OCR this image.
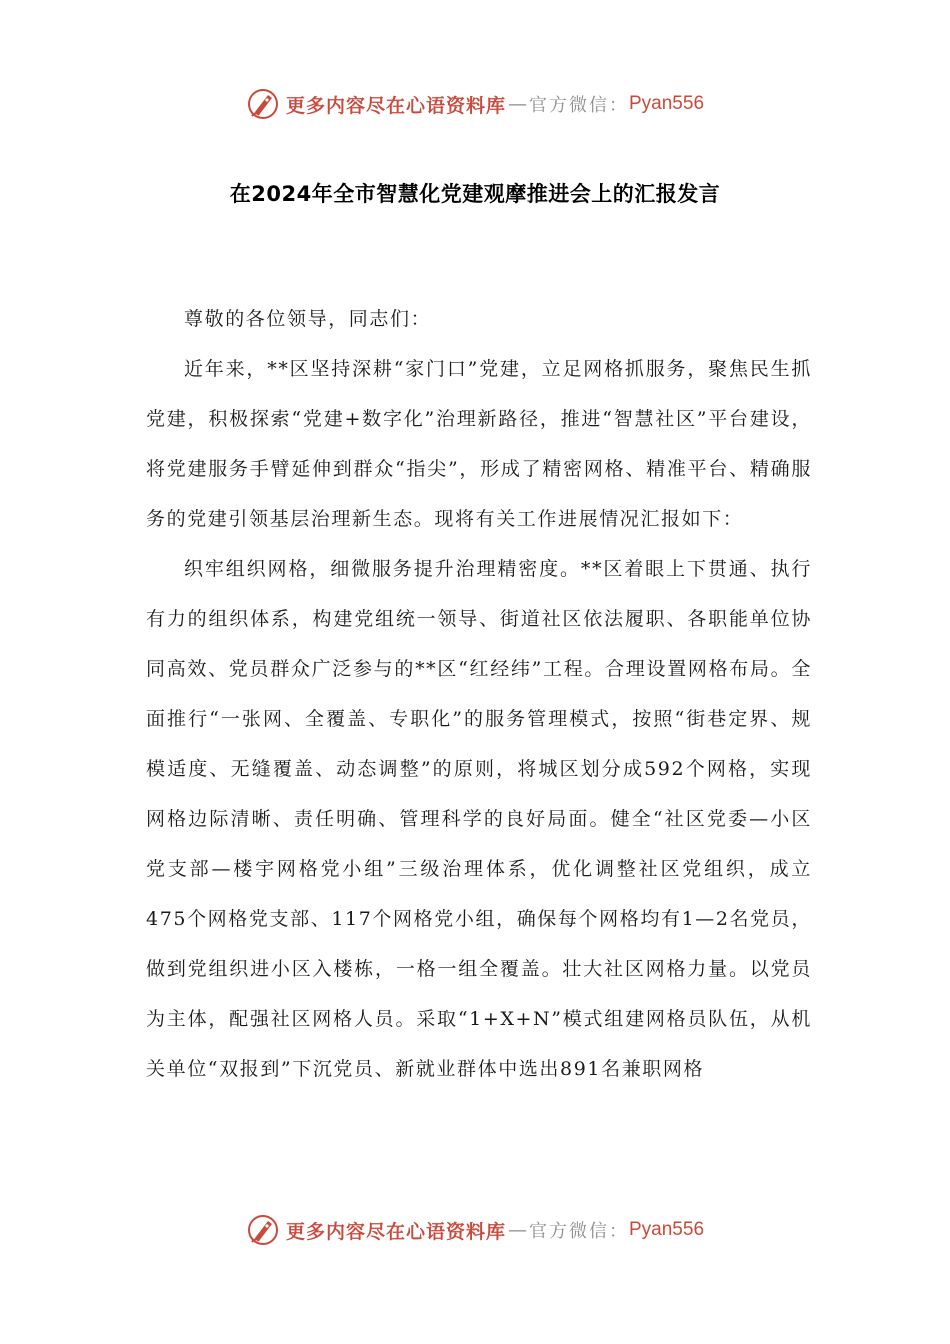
更多内容尽在心语资料库 — 官方微信： Pyan556
在2024年全市智慧化党建观摩推进会上的汇报发言

尊敬的各位领导，同志们：

近年来，**区坚持深耕“家门口”党建，立足网格抓服务，聚焦民生抓党建，积极探索“党建+数字化”治理新路径，推进“智慧社区”平台建设，将党建服务手臂延伸到群众“指尖”，形成了精密网格、精准平台、精确服务的党建引领基层治理新生态。现将有关工作进展情况汇报如下：

织牢组织网格，细微服务提升治理精密度。**区着眼上下贯通、执行有力的组织体系，构建党组统一领导、街道社区依法履职、各职能单位协同高效、党员群众广泛参与的**区“红经纬”工程。合理设置网格布局。全面推行“一张网、全覆盖、专职化”的服务管理模式，按照“街巷定界、规模适度、无缝覆盖、动态调整”的原则，将城区划分成592个网格，实现网格边际清晰、责任明确、管理科学的良好局面。健全“社区党委—小区党支部—楼宇网格党小组”三级治理体系，优化调整社区党组织，成立475个网格党支部、117个网格党小组，确保每个网格均有1—2名党员，做到党组织进小区入楼栋，一格一组全覆盖。壮大社区网格力量。以党员为主体，配强社区网格人员。采取“1+X+N”模式组建网格员队伍，从机关单位“双报到”下沉党员、新就业群体中选出891名兼职网格

更多内容尽在心语资料库 — 官方微信： Pyan556
